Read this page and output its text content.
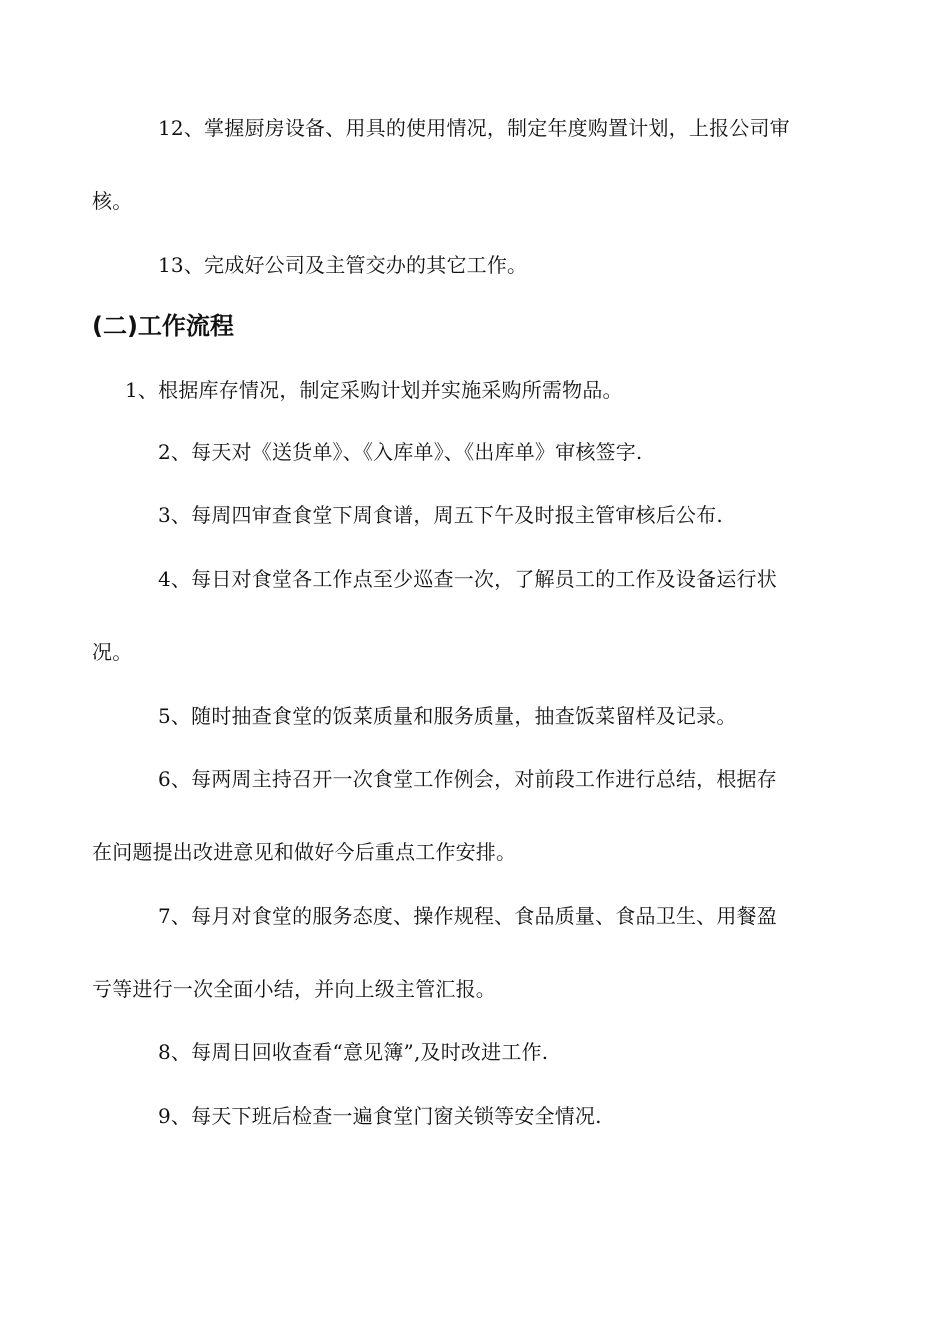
12、掌握厨房设备、用具的使用情况，制定年度购置计划，上报公司审
核。
13、完成好公司及主管交办的其它工作。
(二)工作流程
1、根据库存情况，制定采购计划并实施采购所需物品。
2、每天对《送货单》、《入库单》、《出库单》审核签字.
3、每周四审查食堂下周食谱，周五下午及时报主管审核后公布.
4、每日对食堂各工作点至少巡查一次，了解员工的工作及设备运行状
况。
5、随时抽查食堂的饭菜质量和服务质量，抽查饭菜留样及记录。
6、每两周主持召开一次食堂工作例会，对前段工作进行总结，根据存
在问题提出改进意见和做好今后重点工作安排。
7、每月对食堂的服务态度、操作规程、食品质量、食品卫生、用餐盈
亏等进行一次全面小结，并向上级主管汇报。
8、每周日回收查看“意见簿”,及时改进工作.
9、每天下班后检查一遍食堂门窗关锁等安全情况.
